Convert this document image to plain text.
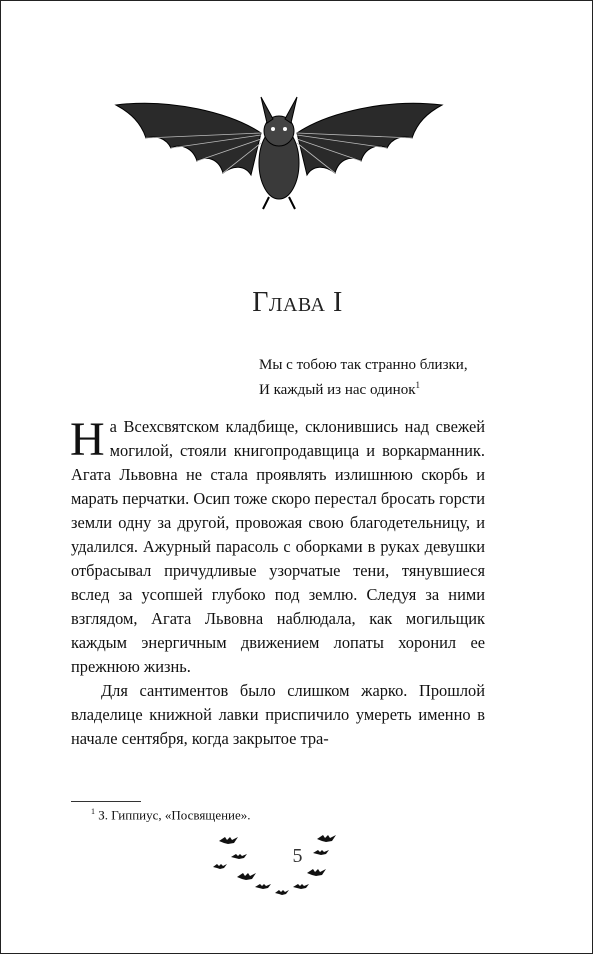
Глава I
Мы с тобою так странно близки,
И каждый из нас одинок$^1$

На Всехсвятском кладбище, склонившись над свежей могилой, стояли книгопродавщица и воркарманник. Агата Львовна не стала проявлять излишнюю скорбь и марать перчатки. Осип тоже скоро перестал бросать горсти земли одну за другой, провожая свою благодетельницу, и удалился. Ажурный парасоль с оборками в руках девушки отбрасывал причудливые узорчатые тени, тянувшиеся вслед за усопшей глубоко под землю. Следуя за ними взглядом, Агата Львовна наблюдала, как могильщик каждым энергичным движением лопаты хоронил ее прежнюю жизнь.

Для сантиментов было слишком жарко. Прошлой владелице книжной лавки приспичило умереть именно в начале сентября, когда закрытое тра-

$^1$ З. Гиппиус, «Посвящение».
5
